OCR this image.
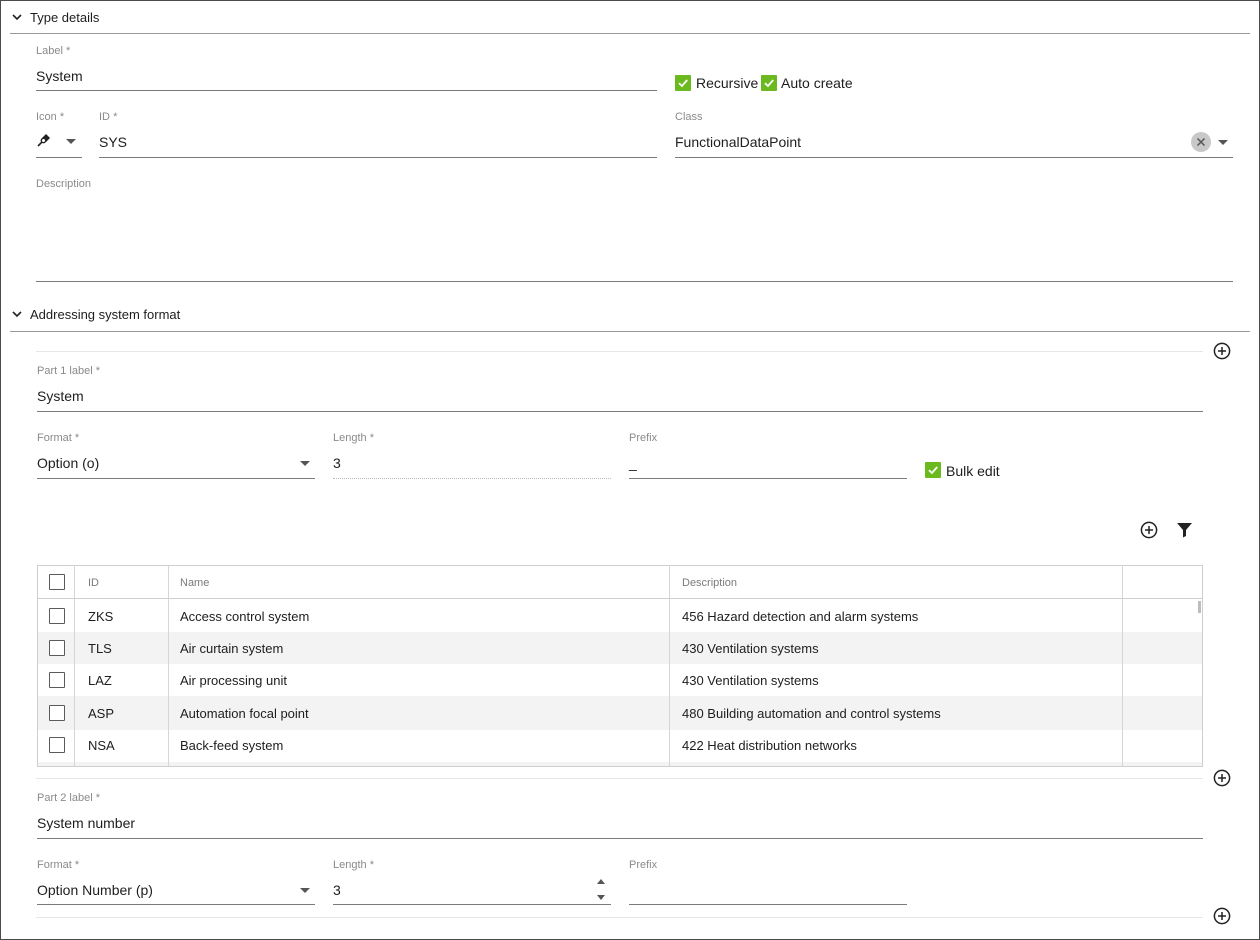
Type details
Label *
System	Recursive Auto create
Icon *	ID *
SYS
Class
FunctionalDataPoint
Description
Addressing system format
Part 1 label *
System
Format *
Option (o)
Length *
3
Prefix
_	Bulk edit
ID	Name	Description
ZKS	Access control system	456 Hazard detection and alarm systems
TLS	Air curtain system	430 Ventilation systems
LAZ	Air processing unit	430 Ventilation systems
ASP	Automation focal point	480 Building automation and control systems
NSA	Back-feed system	422 Heat distribution networks
Part 2 label *
System number
Format *
Option Number (p)
Length *
3
Prefix
